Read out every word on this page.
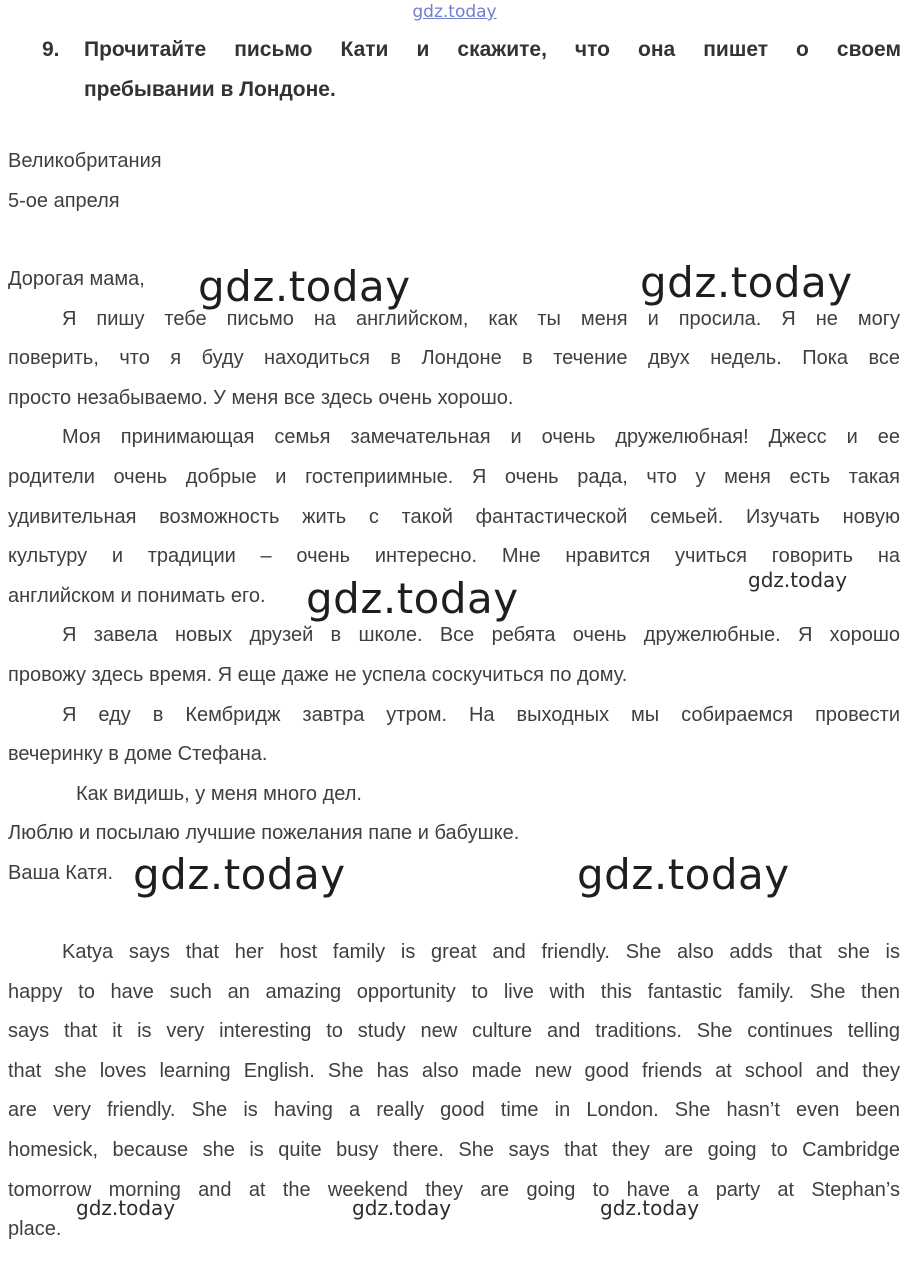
gdz.today
9. Прочитайте письмо Кати и скажите, что она пишет о своем
пребывании в Лондоне.
Великобритания
5-ое апреля
Дорогая мама,
Я пишу тебе письмо на английском, как ты меня и просила. Я не могу
поверить, что я буду находиться в Лондоне в течение двух недель. Пока все
просто незабываемо. У меня все здесь очень хорошо.
Моя принимающая семья замечательная и очень дружелюбная! Джесс и ее
родители очень добрые и гостеприимные. Я очень рада, что у меня есть такая
удивительная возможность жить с такой фантастической семьей. Изучать новую
культуру и традиции – очень интересно. Мне нравится учиться говорить на
английском и понимать его.
Я завела новых друзей в школе. Все ребята очень дружелюбные. Я хорошо
провожу здесь время. Я еще даже не успела соскучиться по дому.
Я еду в Кембридж завтра утром. На выходных мы собираемся провести
вечеринку в доме Стефана.
Как видишь, у меня много дел.
Люблю и посылаю лучшие пожелания папе и бабушке.
Ваша Катя.
Katya says that her host family is great and friendly. She also adds that she is
happy to have such an amazing opportunity to live with this fantastic family. She then
says that it is very interesting to study new culture and traditions. She continues telling
that she loves learning English. She has also made new good friends at school and they
are very friendly. She is having a really good time in London. She hasn’t even been
homesick, because she is quite busy there. She says that they are going to Cambridge
tomorrow morning and at the weekend they are going to have a party at Stephan’s
place.
gdz.today	gdz.today
gdz.today
gdz.today	gdz.today
gdz.today
gdz.today	gdz.today	gdz.today
